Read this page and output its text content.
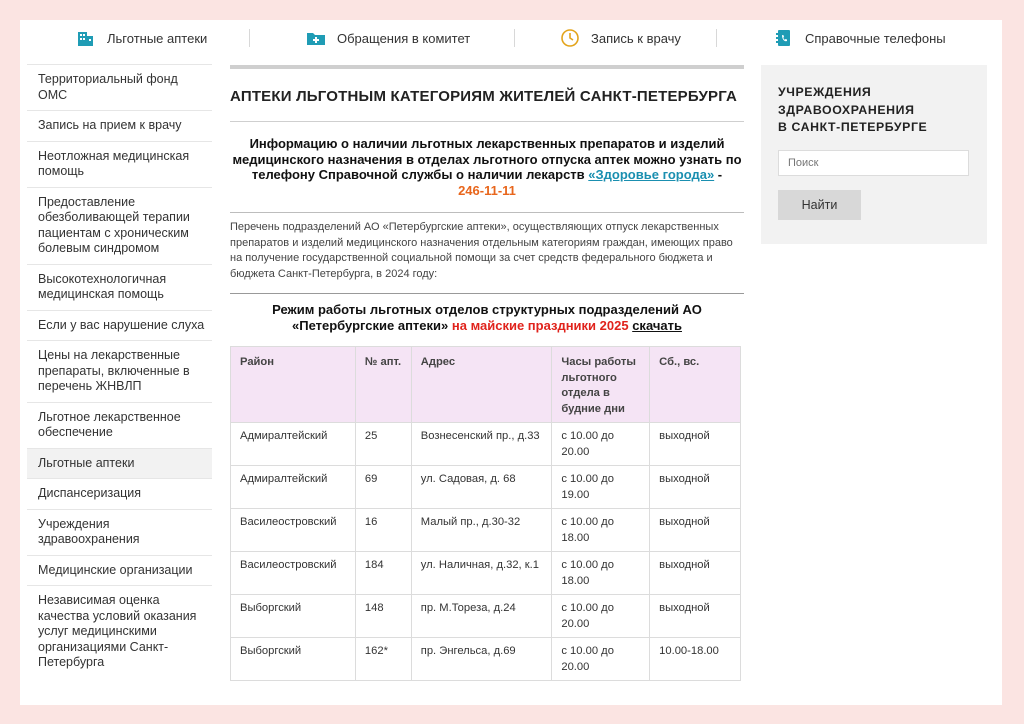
Льготные аптеки	Обращения в комитет	Запись к врачу	Справочные телефоны
Территориальный фонд ОМС
Запись на прием к врачу
Неотложная медицинская помощь
Предоставление обезболивающей терапии пациентам с хроническим болевым синдромом
Высокотехнологичная медицинская помощь
Если у вас нарушение слуха
Цены на лекарственные препараты, включенные в перечень ЖНВЛП
Льготное лекарственное обеспечение
Льготные аптеки
Диспансеризация
Учреждения здравоохранения
Медицинские организации
Независимая оценка качества условий оказания услуг медицинскими организациями Санкт-Петербурга
АПТЕКИ ЛЬГОТНЫМ КАТЕГОРИЯМ ЖИТЕЛЕЙ САНКТ-ПЕТЕРБУРГА
Информацию о наличии льготных лекарственных препаратов и изделий медицинского назначения в отделах льготного отпуска аптек можно узнать по телефону Справочной службы о наличии лекарств «Здоровье города» -
246-11-11
Перечень подразделений АО «Петербургские аптеки», осуществляющих отпуск лекарственных препаратов и изделий медицинского назначения отдельным категориям граждан, имеющих право на получение государственной социальной помощи за счет средств федерального бюджета и бюджета Санкт-Петербурга, в 2024 году:
Режим работы льготных отделов структурных подразделений АО «Петербургские аптеки» на майские праздники 2025 скачать
Район	№ апт.	Адрес	Часы работы льготного отдела в будние дни	Сб., вс.
Адмиралтейский	25	Вознесенский пр., д.33	с 10.00 до 20.00	выходной
Адмиралтейский	69	ул. Садовая, д. 68	с 10.00 до 19.00	выходной
Василеостровский	16	Малый пр., д.30-32	с 10.00 до 18.00	выходной
Василеостровский	184	ул. Наличная, д.32, к.1	с 10.00 до 18.00	выходной
Выборгский	148	пр. М.Тореза, д.24	с 10.00 до 20.00	выходной
Выборгский	162*	пр. Энгельса, д.69	с 10.00 до 20.00	10.00-18.00
УЧРЕЖДЕНИЯ
ЗДРАВООХРАНЕНИЯ
В САНКТ-ПЕТЕРБУРГЕ
Поиск
Найти
